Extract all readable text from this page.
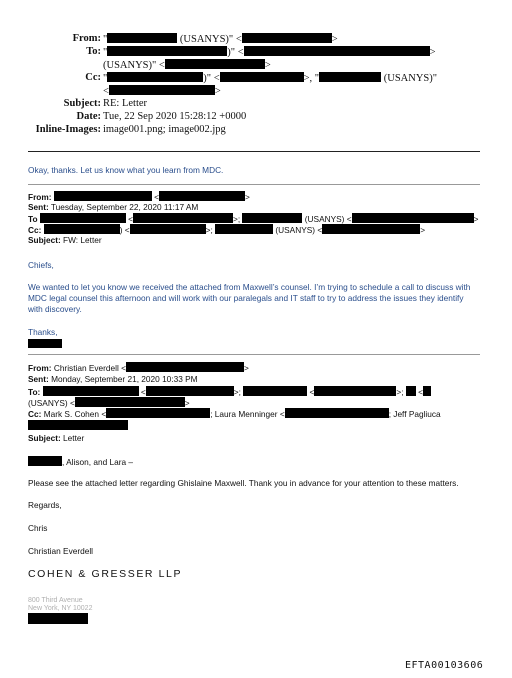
From: "	(USANYS)" <	>
To: "	)" <	>
(USANYS)" <	>
Cc: "	)" <	>, "	(USANYS)"
<	>
Subject: RE: Letter
Date: Tue, 22 Sep 2020 15:28:12 +0000
Inline-Images: image001.png; image002.jpg
Okay, thanks. Let us know what you learn from MDC.
From:	<	>
Sent: Tuesday, September 22, 2020 11:17 AM
To	<	>;	(USANYS) <	>
Cc:	) <	>;	(USANYS) <	>
Subject: FW: Letter
Chiefs,
We wanted to let you know we received the attached from Maxwell’s counsel. I’m trying to schedule a call to discuss with
MDC legal counsel this afternoon and will work with our paralegals and IT staff to try to address the issues they identify
with discovery.
Thanks,
From: Christian Everdell <	>
Sent: Monday, September 21, 2020 10:33 PM
To:	<	>;	<	>;  <
(USANYS) <	>
Cc: Mark S. Cohen <	; Laura Menninger <	; Jeff Pagliuca
Subject: Letter
, Alison, and Lara –
Please see the attached letter regarding Ghislaine Maxwell. Thank you in advance for your attention to these matters.
Regards,
Chris
Christian Everdell
COHEN & GRESSER LLP
800 Third Avenue
New York, NY 10022
EFTA00103606
